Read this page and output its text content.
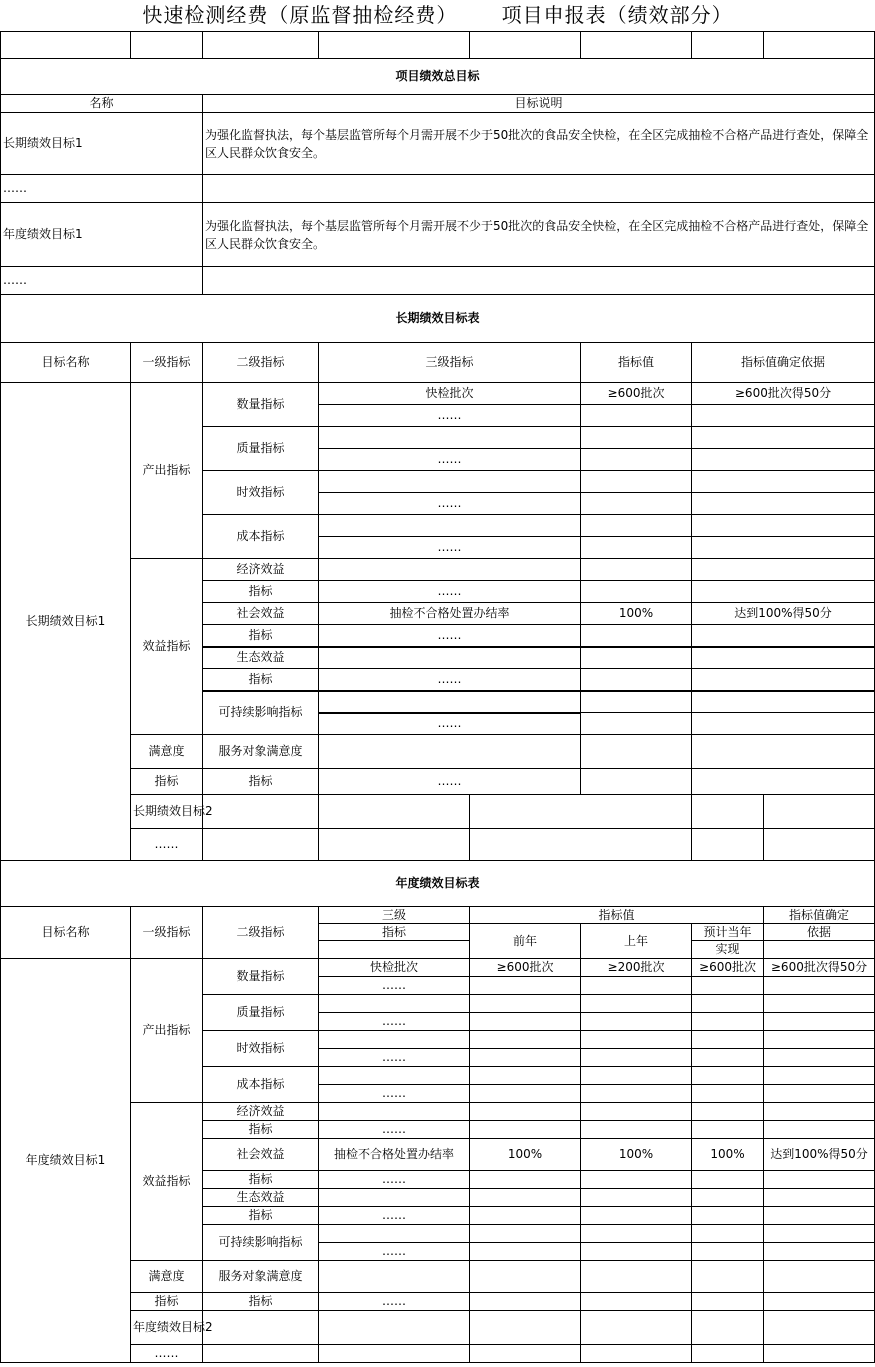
快速检测经费（原监督抽检经费）      项目申报表（绩效部分）

项目绩效总目标								
名称		目标说明						
长期绩效目标1		为强化监督执法，每个基层监管所每个月需开展不少于50批次的食品安全快检，在全区完成抽检不合格产品进行查处，保障全区人民群众饮食安全。						
……								
年度绩效目标1		为强化监督执法，每个基层监管所每个月需开展不少于50批次的食品安全快检，在全区完成抽检不合格产品进行查处，保障全区人民群众饮食安全。						
……								
长期绩效目标表								
目标名称	一级指标	二级指标	三级指标		指标值	指标值确定依据		
长期绩效目标1	产出指标	数量指标	快检批次		≥600批次	≥600批次得50分		
			……					
		质量指标						
			……					
		时效指标						
			……					
		成本指标						
			……					
	效益指标	经济效益						
		指标	……					
		社会效益	抽检不合格处置办结率		100%	达到100%得50分		
		指标	……					
		生态效益						
		指标	……					
		可持续影响指标						
			……					
	满意度	服务对象满意度						
	指标	指标	……					
	长期绩效目标2							
	……							
年度绩效目标表								
目标名称	一级指标	二级指标	三级	指标值			指标值确定	
			指标	前年	上年	预计当年	依据	
						实现		
年度绩效目标1	产出指标	数量指标	快检批次	≥600批次	≥200批次	≥600批次	≥600批次得50分	
			……					
		质量指标						
			……					
		时效指标						
			……					
		成本指标						
			……					
	效益指标	经济效益						
		指标	……					
		社会效益	抽检不合格处置办结率	100%	100%	100%	达到100%得50分	
		指标	……					
		生态效益						
		指标	……					
		可持续影响指标						
			……					
	满意度	服务对象满意度						
	指标	指标	……					
	年度绩效目标2							
	……							
